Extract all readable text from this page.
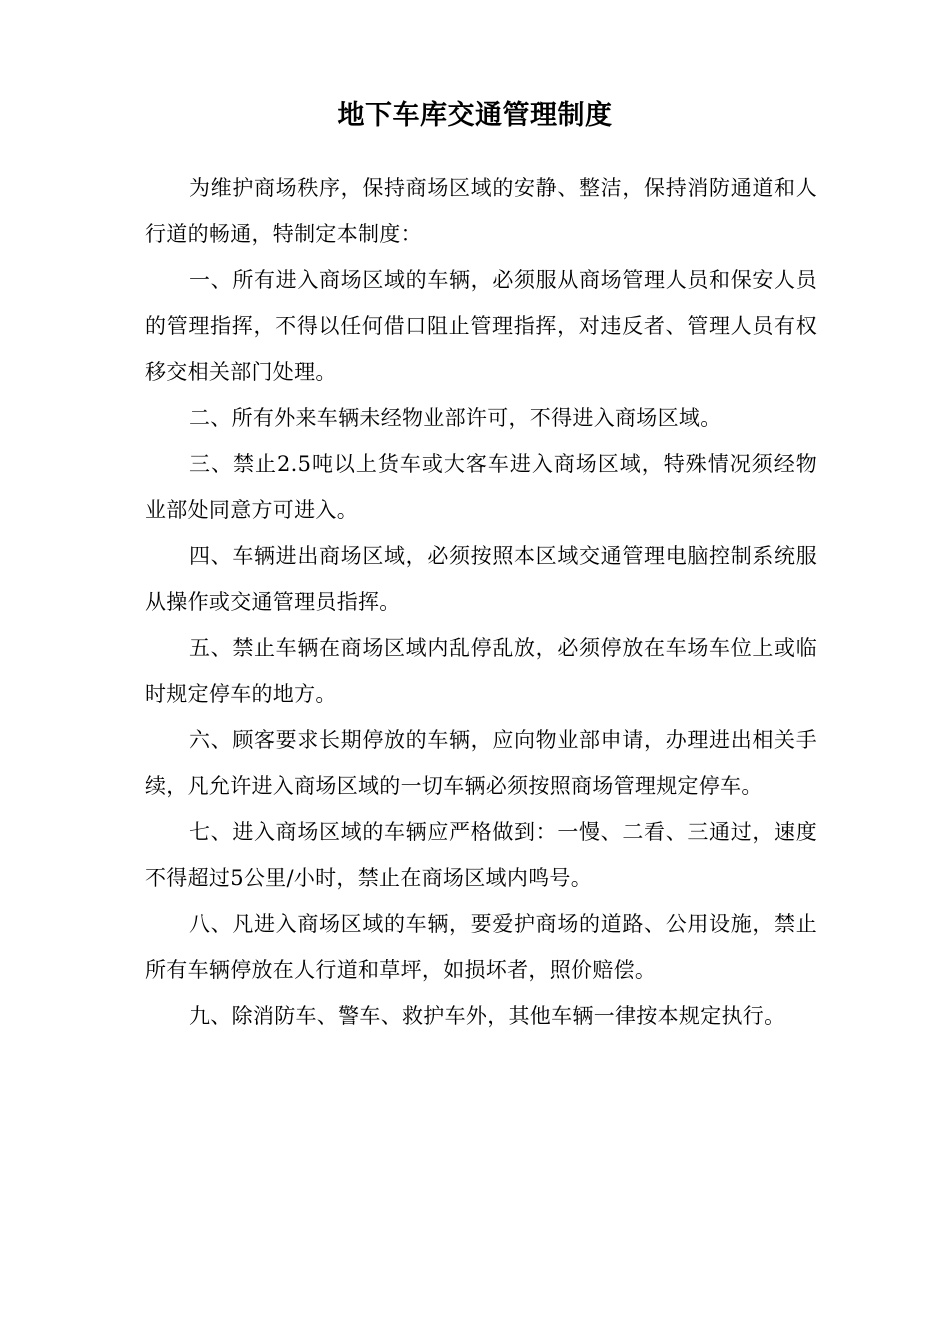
地下车库交通管理制度

为维护商场秩序，保持商场区域的安静、整洁，保持消防通道和人行道的畅通，特制定本制度：

一、所有进入商场区域的车辆，必须服从商场管理人员和保安人员的管理指挥，不得以任何借口阻止管理指挥，对违反者、管理人员有权移交相关部门处理。

二、所有外来车辆未经物业部许可，不得进入商场区域。

三、禁止2.5吨以上货车或大客车进入商场区域，特殊情况须经物业部处同意方可进入。

四、车辆进出商场区域，必须按照本区域交通管理电脑控制系统服从操作或交通管理员指挥。

五、禁止车辆在商场区域内乱停乱放，必须停放在车场车位上或临时规定停车的地方。

六、顾客要求长期停放的车辆，应向物业部申请，办理进出相关手续，凡允许进入商场区域的一切车辆必须按照商场管理规定停车。

七、进入商场区域的车辆应严格做到：一慢、二看、三通过，速度不得超过5公里/小时，禁止在商场区域内鸣号。

八、凡进入商场区域的车辆，要爱护商场的道路、公用设施，禁止所有车辆停放在人行道和草坪，如损坏者，照价赔偿。

九、除消防车、警车、救护车外，其他车辆一律按本规定执行。
